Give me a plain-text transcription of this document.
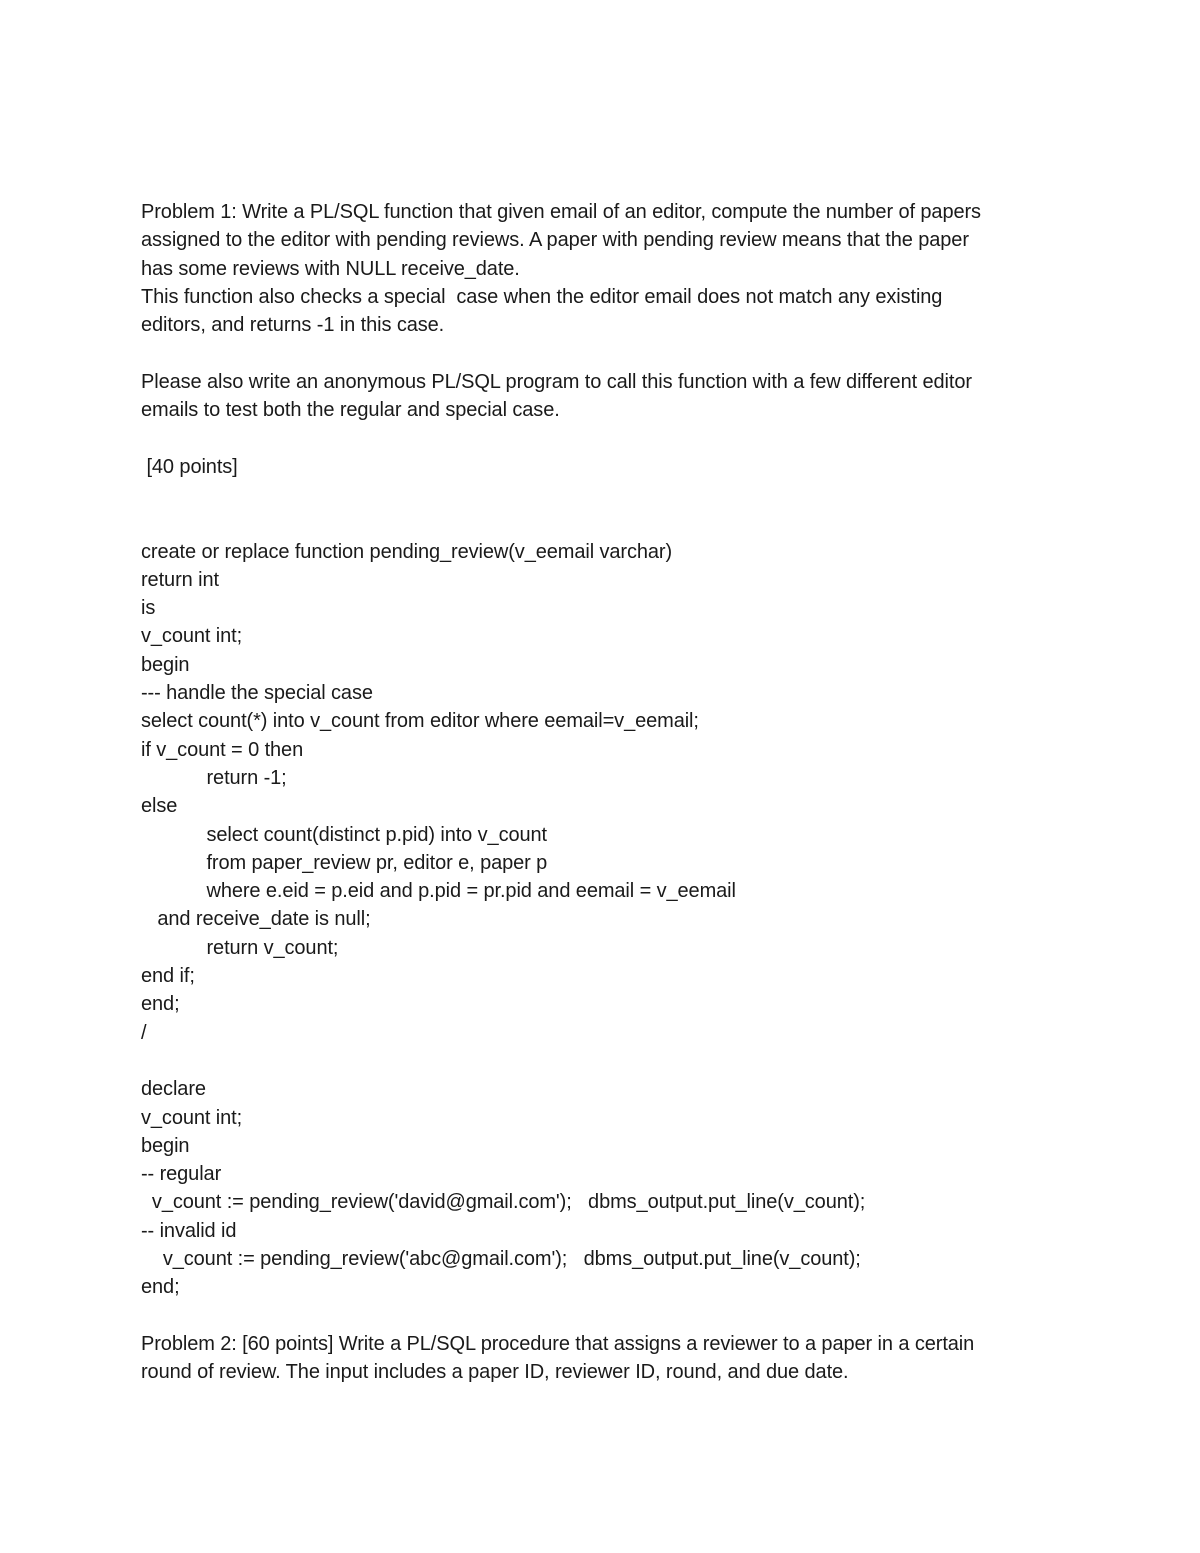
Problem 1: Write a PL/SQL function that given email of an editor, compute the number of papers
assigned to the editor with pending reviews. A paper with pending review means that the paper
has some reviews with NULL receive_date.
This function also checks a special  case when the editor email does not match any existing
editors, and returns -1 in this case.
Please also write an anonymous PL/SQL program to call this function with a few different editor
emails to test both the regular and special case.
[40 points]
create or replace function pending_review(v_eemail varchar)
return int
is
v_count int;
begin
--- handle the special case
select count(*) into v_count from editor where eemail=v_eemail;
if v_count = 0 then
return -1;
else
select count(distinct p.pid) into v_count
from paper_review pr, editor e, paper p
where e.eid = p.eid and p.pid = pr.pid and eemail = v_eemail
and receive_date is null;
return v_count;
end if;
end;
/
declare
v_count int;
begin
-- regular
v_count := pending_review('david@gmail.com');   dbms_output.put_line(v_count);
-- invalid id
v_count := pending_review('abc@gmail.com');   dbms_output.put_line(v_count);
end;
Problem 2: [60 points] Write a PL/SQL procedure that assigns a reviewer to a paper in a certain
round of review. The input includes a paper ID, reviewer ID, round, and due date.
